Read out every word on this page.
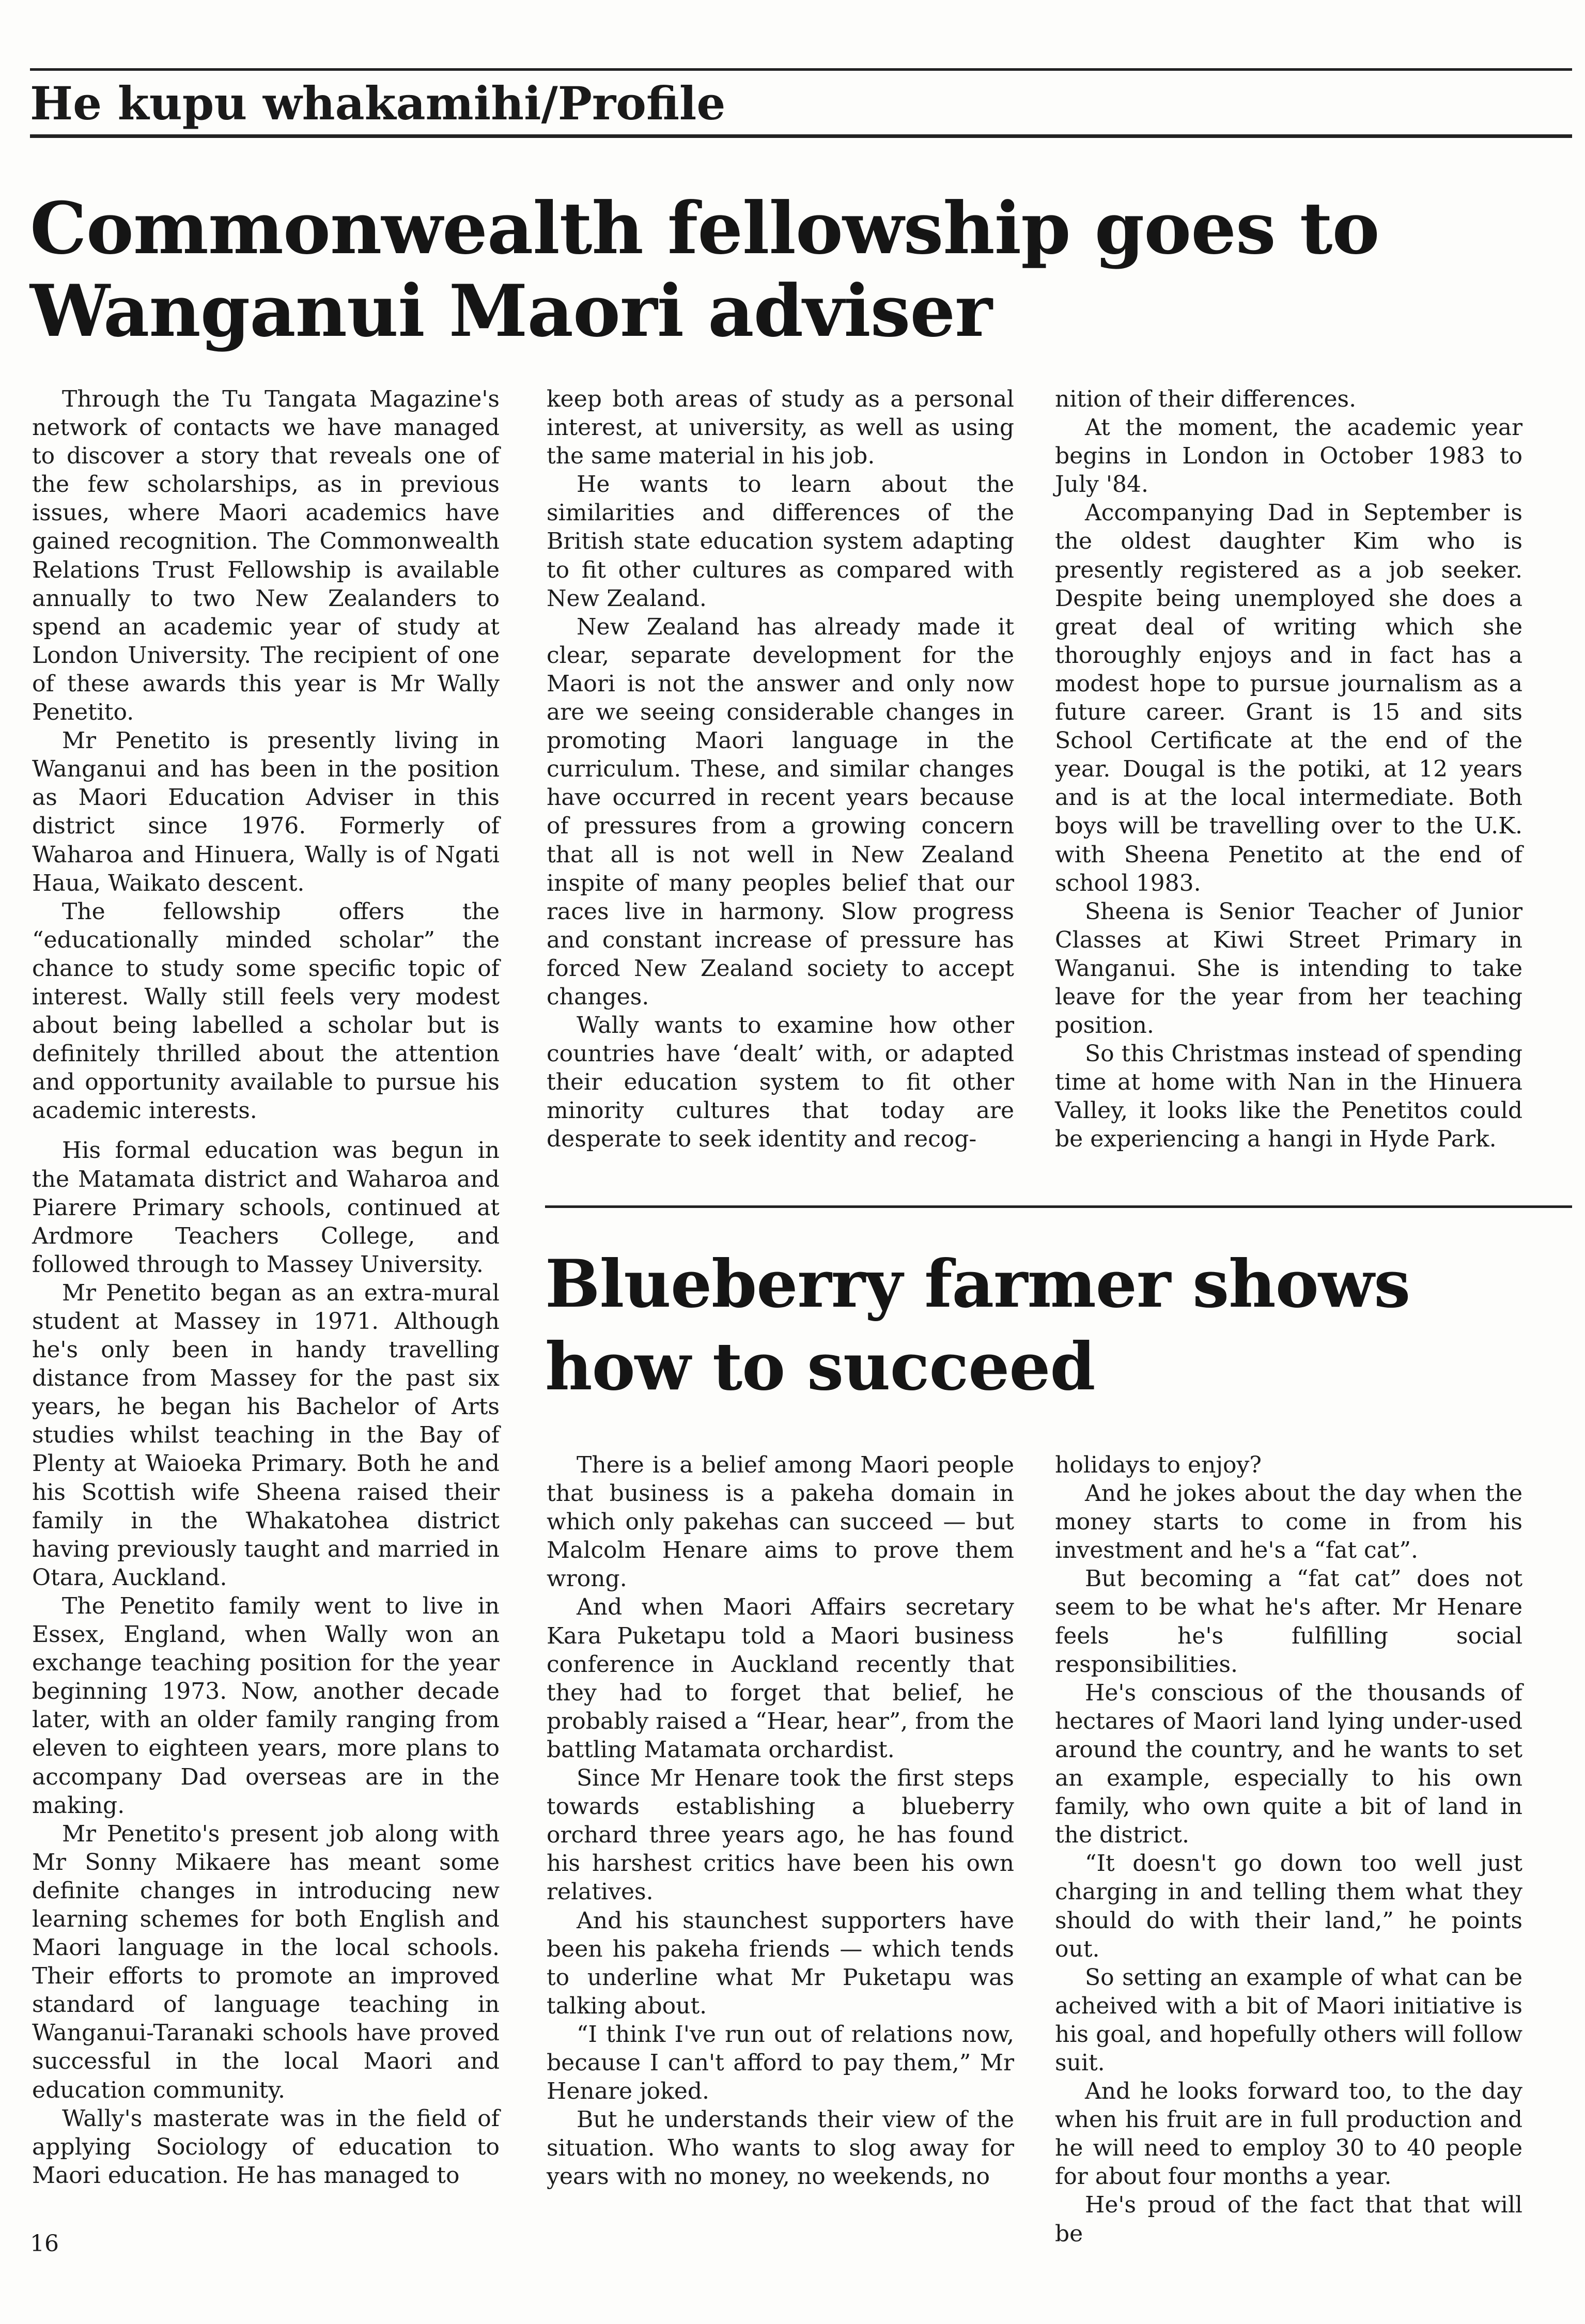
He kupu whakamihi/Profile
Commonwealth fellowship goes to Wanganui Maori adviser

Through the Tu Tangata Magazine's network of contacts we have managed to discover a story that reveals one of the few scholarships, as in previous issues, where Maori academics have gained recognition. The Commonwealth Relations Trust Fellowship is available annually to two New Zealanders to spend an academic year of study at London University. The recipient of one of these awards this year is Mr Wally Penetito.

Mr Penetito is presently living in Wanganui and has been in the position as Maori Education Adviser in this district since 1976. Formerly of Waharoa and Hinuera, Wally is of Ngati Haua, Waikato descent.

The fellowship offers the “educationally minded scholar” the chance to study some specific topic of interest. Wally still feels very modest about being labelled a scholar but is definitely thrilled about the attention and opportunity available to pursue his academic interests.

His formal education was begun in the Matamata district and Waharoa and Piarere Primary schools, continued at Ardmore Teachers College, and followed through to Massey University.

Mr Penetito began as an extra-mural student at Massey in 1971. Although he's only been in handy travelling distance from Massey for the past six years, he began his Bachelor of Arts studies whilst teaching in the Bay of Plenty at Waioeka Primary. Both he and his Scottish wife Sheena raised their family in the Whakatohea district having previously taught and married in Otara, Auckland.

The Penetito family went to live in Essex, England, when Wally won an exchange teaching position for the year beginning 1973. Now, another decade later, with an older family ranging from eleven to eighteen years, more plans to accompany Dad overseas are in the making.

Mr Penetito's present job along with Mr Sonny Mikaere has meant some definite changes in introducing new learning schemes for both English and Maori language in the local schools. Their efforts to promote an improved standard of language teaching in Wanganui-Taranaki schools have proved successful in the local Maori and education community.

Wally's masterate was in the field of applying Sociology of education to Maori education. He has managed to

keep both areas of study as a personal interest, at university, as well as using the same material in his job.

He wants to learn about the similarities and differences of the British state education system adapting to fit other cultures as compared with New Zealand.

New Zealand has already made it clear, separate development for the Maori is not the answer and only now are we seeing considerable changes in promoting Maori language in the curriculum. These, and similar changes have occurred in recent years because of pressures from a growing concern that all is not well in New Zealand inspite of many peoples belief that our races live in harmony. Slow progress and constant increase of pressure has forced New Zealand society to accept changes.

Wally wants to examine how other countries have ‘dealt’ with, or adapted their education system to fit other minority cultures that today are desperate to seek identity and recog-

nition of their differences.

At the moment, the academic year begins in London in October 1983 to July '84.

Accompanying Dad in September is the oldest daughter Kim who is presently registered as a job seeker. Despite being unemployed she does a great deal of writing which she thoroughly enjoys and in fact has a modest hope to pursue journalism as a future career. Grant is 15 and sits School Certificate at the end of the year. Dougal is the potiki, at 12 years and is at the local intermediate. Both boys will be travelling over to the U.K. with Sheena Penetito at the end of school 1983.

Sheena is Senior Teacher of Junior Classes at Kiwi Street Primary in Wanganui. She is intending to take leave for the year from her teaching position.

So this Christmas instead of spending time at home with Nan in the Hinuera Valley, it looks like the Penetitos could be experiencing a hangi in Hyde Park.

Blueberry farmer shows how to succeed

There is a belief among Maori people that business is a pakeha domain in which only pakehas can succeed — but Malcolm Henare aims to prove them wrong.

And when Maori Affairs secretary Kara Puketapu told a Maori business conference in Auckland recently that they had to forget that belief, he probably raised a “Hear, hear”, from the battling Matamata orchardist.

Since Mr Henare took the first steps towards establishing a blueberry orchard three years ago, he has found his harshest critics have been his own relatives.

And his staunchest supporters have been his pakeha friends — which tends to underline what Mr Puketapu was talking about.

“I think I've run out of relations now, because I can't afford to pay them,” Mr Henare joked.

But he understands their view of the situation. Who wants to slog away for years with no money, no weekends, no

holidays to enjoy?

And he jokes about the day when the money starts to come in from his investment and he's a “fat cat”.

But becoming a “fat cat” does not seem to be what he's after. Mr Henare feels he's fulfilling social responsibilities.

He's conscious of the thousands of hectares of Maori land lying under-used around the country, and he wants to set an example, especially to his own family, who own quite a bit of land in the district.

“It doesn't go down too well just charging in and telling them what they should do with their land,” he points out.

So setting an example of what can be acheived with a bit of Maori initiative is his goal, and hopefully others will follow suit.

And he looks forward too, to the day when his fruit are in full production and he will need to employ 30 to 40 people for about four months a year.

He's proud of the fact that that will be

16
